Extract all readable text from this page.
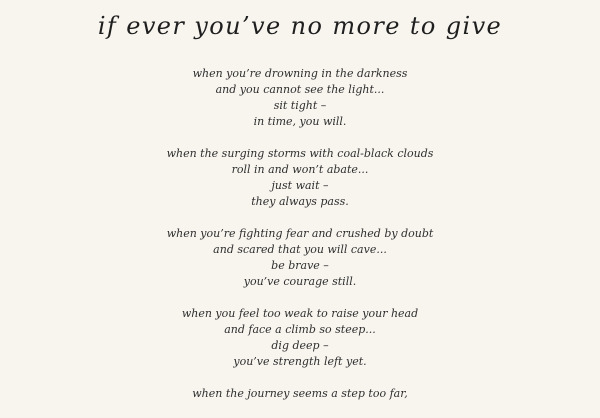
if ever you’ve no more to give
when you’re drowning in the darkness
and you cannot see the light...
sit tight –
in time, you will.
when the surging storms with coal-black clouds
roll in and won’t abate...
just wait –
they always pass.
when you’re fighting fear and crushed by doubt
and scared that you will cave...
be brave –
you’ve courage still.
when you feel too weak to raise your head
and face a climb so steep...
dig deep –
you’ve strength left yet.
when the journey seems a step too far,
